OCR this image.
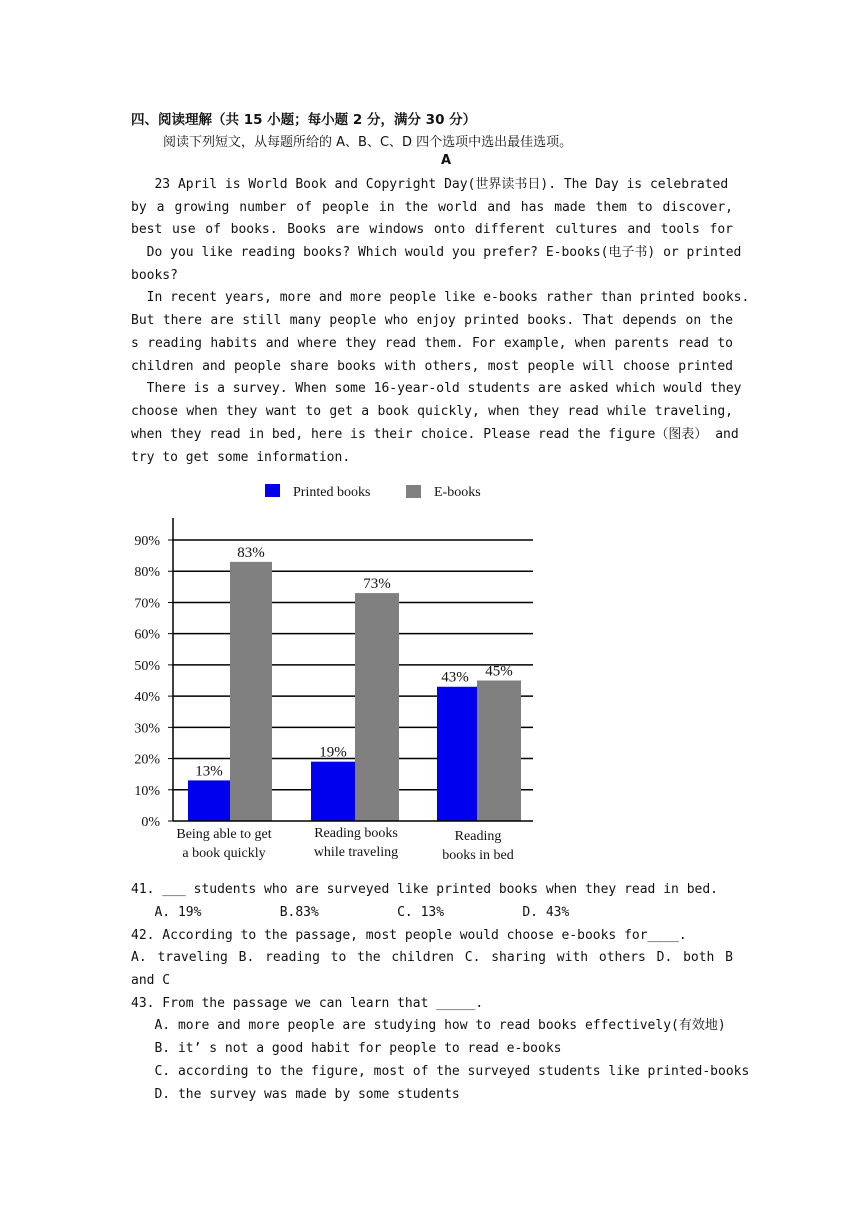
四、阅读理解（共 15 小题；每小题 2 分，满分 30 分）
阅读下列短文，从每题所给的 A、B、C、D 四个选项中选出最佳选项。
A
23 April is World Book and Copyright Day(世界读书日). The Day is celebrated
by a growing number of people in the world and has made them to discover,
best use of books. Books are windows onto different cultures and tools for
Do you like reading books? Which would you prefer? E-books(电子书) or printed
books?
In recent years, more and more people like e-books rather than printed books.
But there are still many people who enjoy printed books. That depends on the
s reading habits and where they read them. For example, when parents read to
children and people share books with others, most people will choose printed
There is a survey. When some 16-year-old students are asked which would they
choose when they want to get a book quickly, when they read while traveling,
when they read in bed, here is their choice. Please read the figure（图表） and
try to get some information.
Printed books	E-books
0%
10%
20%
30%
40%
50%
60%
70%
80%
90%
13%
19%
43%
83%
73%
45%
Being able to get
a book quickly
Reading books
while traveling
Reading
books in bed
41. ___ students who are surveyed like printed books when they read in bed.
A. 19%          B.83%          C. 13%          D. 43%
42. According to the passage, most people would choose e-books for____.
A. traveling B. reading to the children C. sharing with others D. both B
and C
43. From the passage we can learn that _____.
A. more and more people are studying how to read books effectively(有效地)
B. it’ s not a good habit for people to read e-books
C. according to the figure, most of the surveyed students like printed-books
D. the survey was made by some students
